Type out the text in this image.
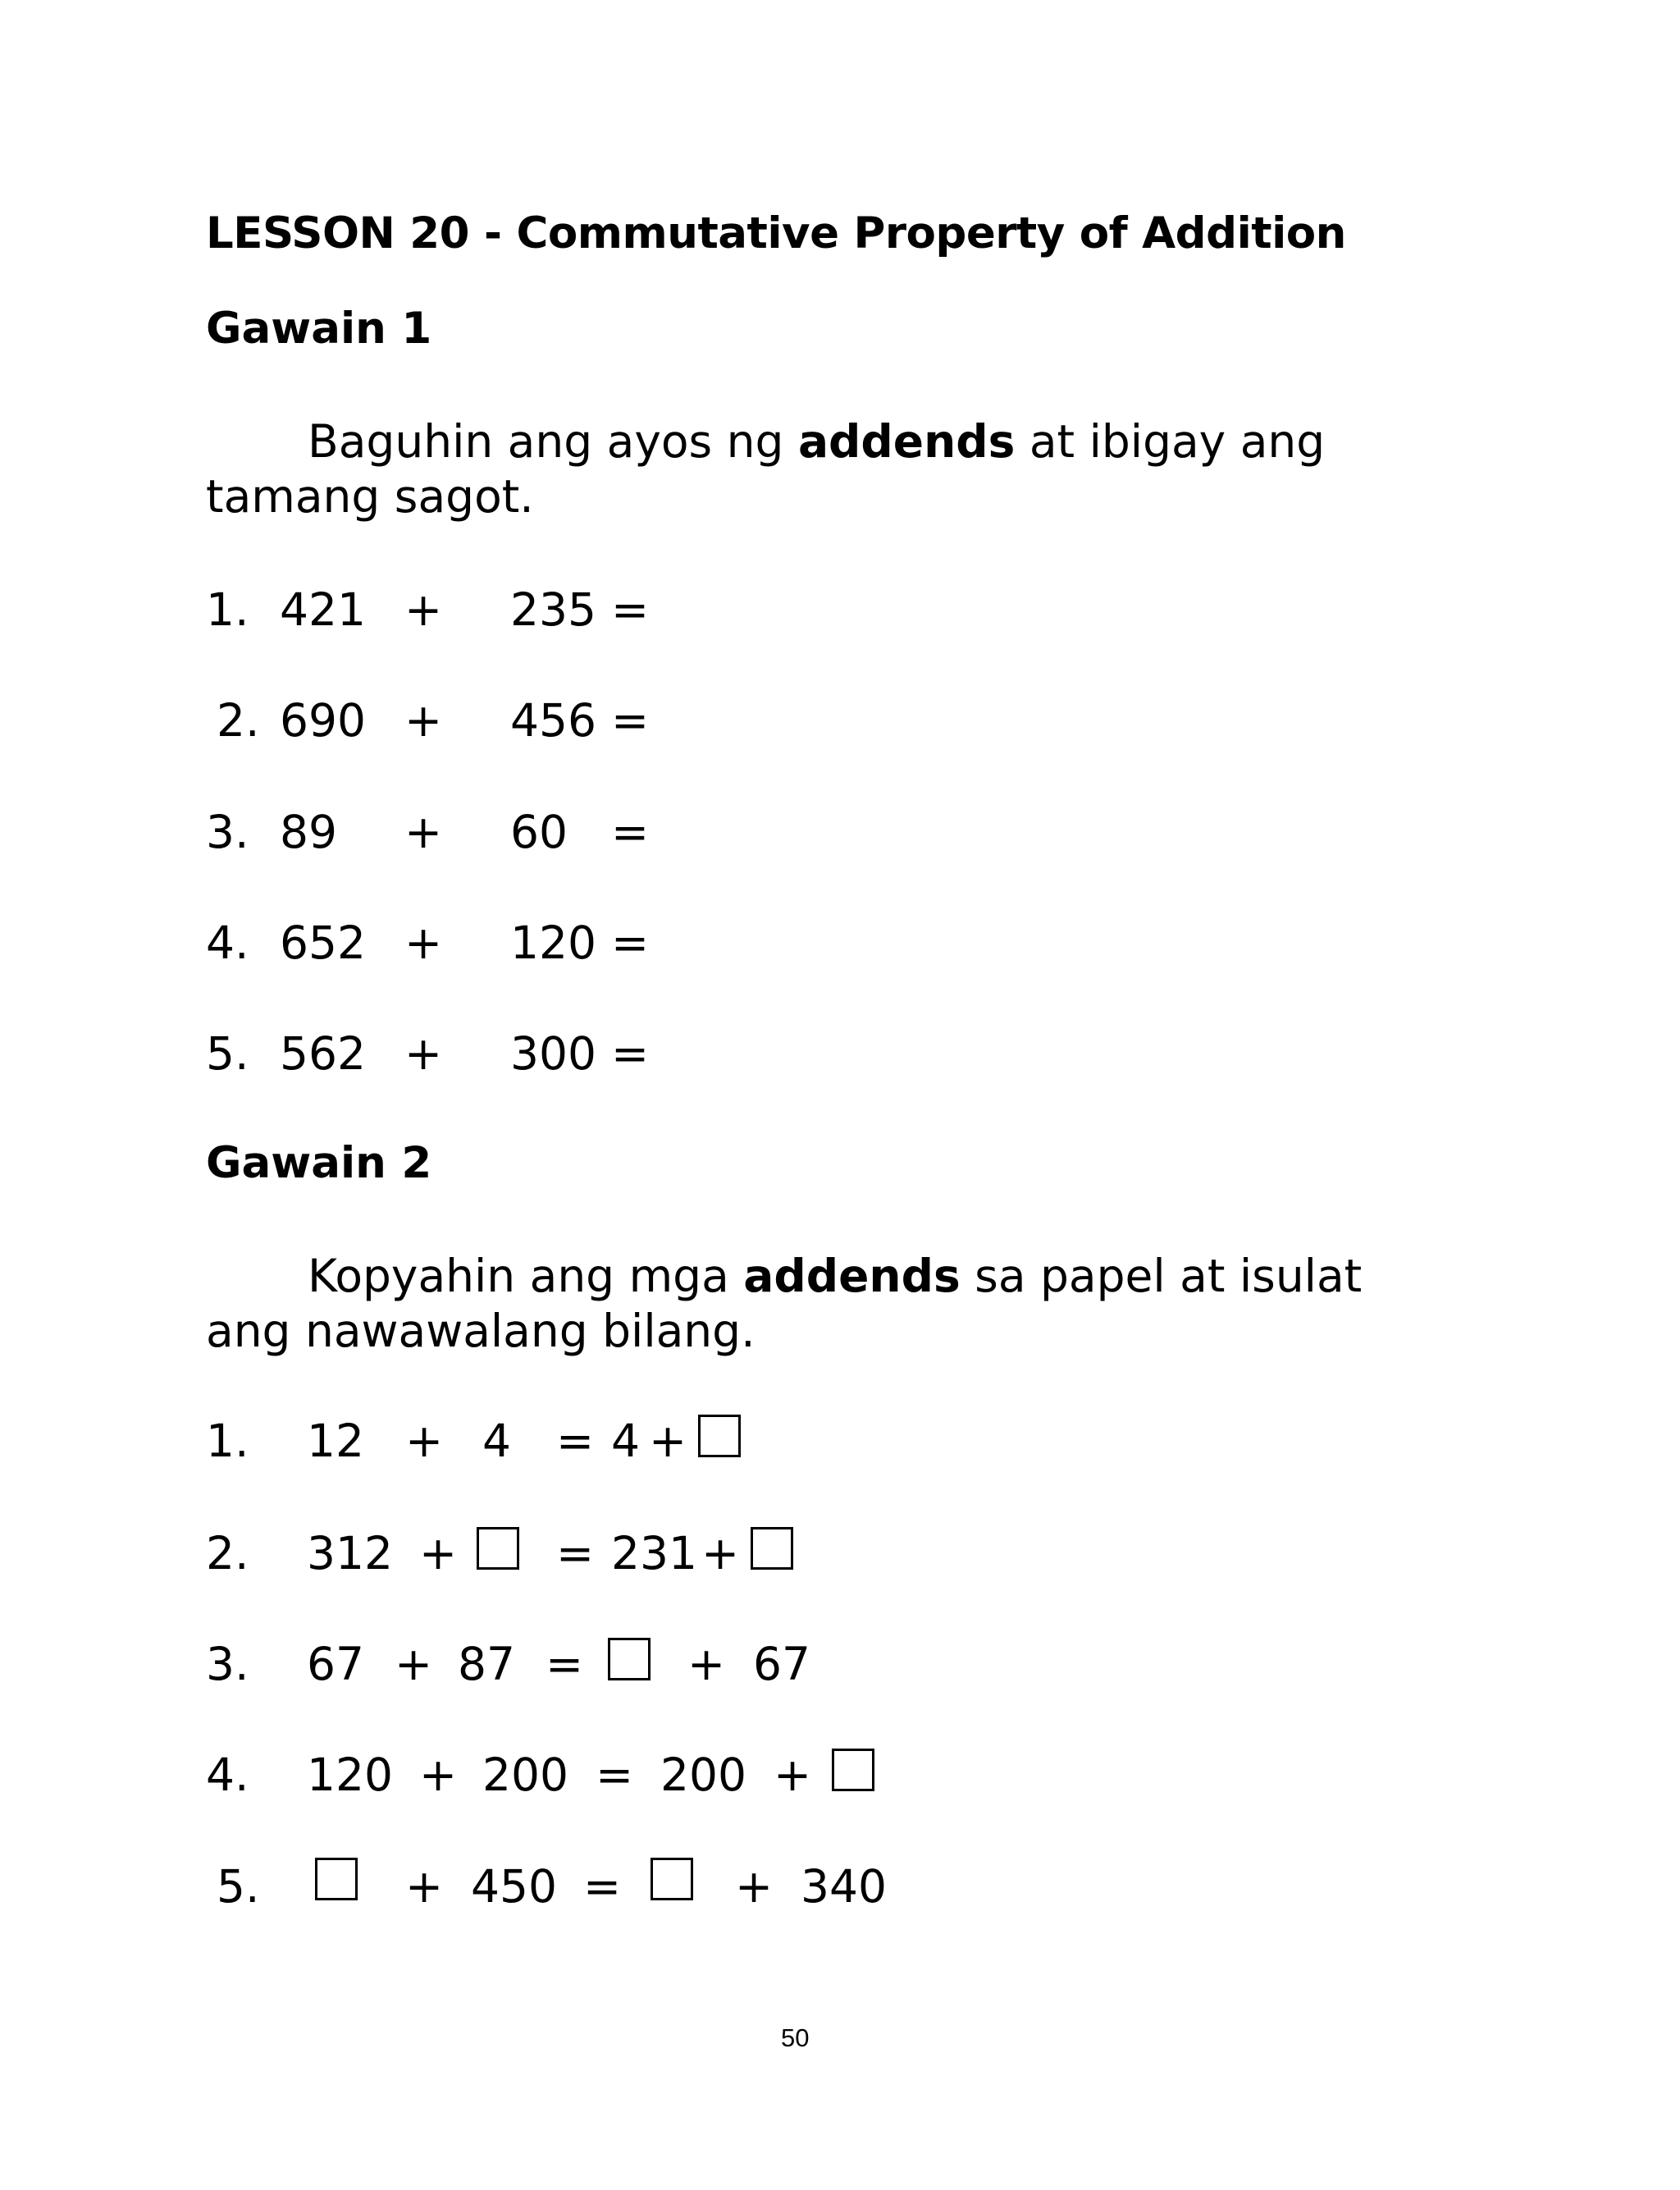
LESSON 20 - Commutative Property of Addition
Gawain 1
Baguhin ang ayos ng addends at ibigay ang tamang sagot.
1. 421 + 235 =
2. 690 + 456 =
3. 89 + 60 =
4. 652 + 120 =
5. 562 + 300 =
Gawain 2
Kopyahin ang mga addends sa papel at isulat ang nawawalang bilang.
1. 12 + 4 = 4 +
2. 312 + = 231 +
3. 67 + 87 = + 67
4. 120 + 200 = 200 +
5.	+ 450 =	+ 340
50
